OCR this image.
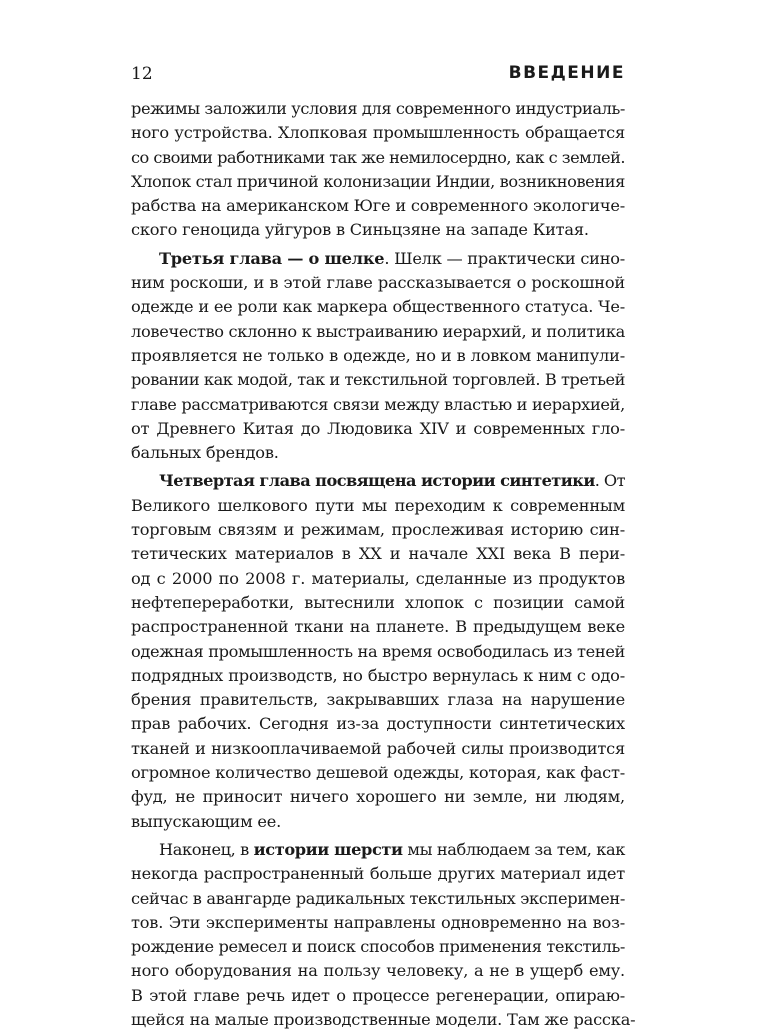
12	ВВЕДЕНИЕ

режимы заложили условия для современного индустриаль-
ного устройства. Хлопковая промышленность обращается
со своими работниками так же немилосердно, как с землей.
Хлопок стал причиной колонизации Индии, возникновения
рабства на американском Юге и современного экологиче-
ского геноцида уйгуров в Синьцзяне на западе Китая.

Третья глава — о шелке. Шелк — практически сино-
ним роскоши, и в этой главе рассказывается о роскошной
одежде и ее роли как маркера общественного статуса. Че-
ловечество склонно к выстраиванию иерархий, и политика
проявляется не только в одежде, но и в ловком манипули-
ровании как модой, так и текстильной торговлей. В третьей
главе рассматриваются связи между властью и иерархией,
от Древнего Китая до Людовика XIV и современных гло-
бальных брендов.

Четвертая глава посвящена истории синтетики. От
Великого шелкового пути мы переходим к современным
торговым связям и режимам, прослеживая историю син-
тетических материалов в XX и начале XXI века В пери-
од с 2000 по 2008 г. материалы, сделанные из продуктов
нефтепереработки, вытеснили хлопок с позиции самой
распространенной ткани на планете. В предыдущем веке
одежная промышленность на время освободилась из теней
подрядных производств, но быстро вернулась к ним с одо-
брения правительств, закрывавших глаза на нарушение
прав рабочих. Сегодня из-за доступности синтетических
тканей и низкооплачиваемой рабочей силы производится
огромное количество дешевой одежды, которая, как фаст-
фуд, не приносит ничего хорошего ни земле, ни людям,
выпускающим ее.

Наконец, в истории шерсти мы наблюдаем за тем, как
некогда распространенный больше других материал идет
сейчас в авангарде радикальных текстильных эксперимен-
тов. Эти эксперименты направлены одновременно на воз-
рождение ремесел и поиск способов применения текстиль-
ного оборудования на пользу человеку, а не в ущерб ему.
В этой главе речь идет о процессе регенерации, опираю-
щейся на малые производственные модели. Там же расска-
